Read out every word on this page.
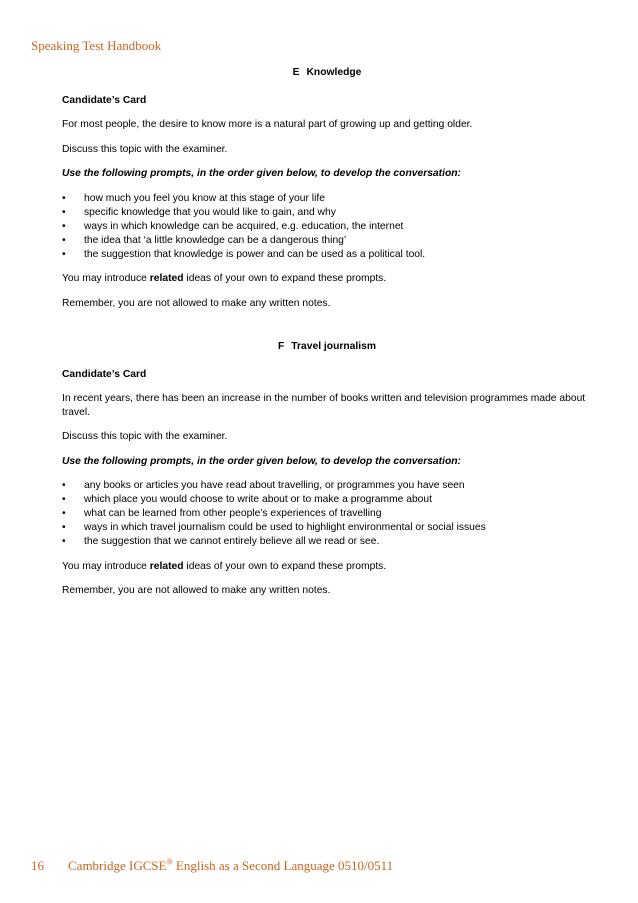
Speaking Test Handbook
E Knowledge
Candidate’s Card
For most people, the desire to know more is a natural part of growing up and getting older.
Discuss this topic with the examiner.
Use the following prompts, in the order given below, to develop the conversation:
• how much you feel you know at this stage of your life
• specific knowledge that you would like to gain, and why
• ways in which knowledge can be acquired, e.g. education, the internet
• the idea that ‘a little knowledge can be a dangerous thing’
• the suggestion that knowledge is power and can be used as a political tool.
You may introduce related ideas of your own to expand these prompts.
Remember, you are not allowed to make any written notes.
F Travel journalism
Candidate’s Card
In recent years, there has been an increase in the number of books written and television programmes made about travel.
Discuss this topic with the examiner.
Use the following prompts, in the order given below, to develop the conversation:
• any books or articles you have read about travelling, or programmes you have seen
• which place you would choose to write about or to make a programme about
• what can be learned from other people’s experiences of travelling
• ways in which travel journalism could be used to highlight environmental or social issues
• the suggestion that we cannot entirely believe all we read or see.
You may introduce related ideas of your own to expand these prompts.
Remember, you are not allowed to make any written notes.
16 Cambridge IGCSE® English as a Second Language 0510/0511
